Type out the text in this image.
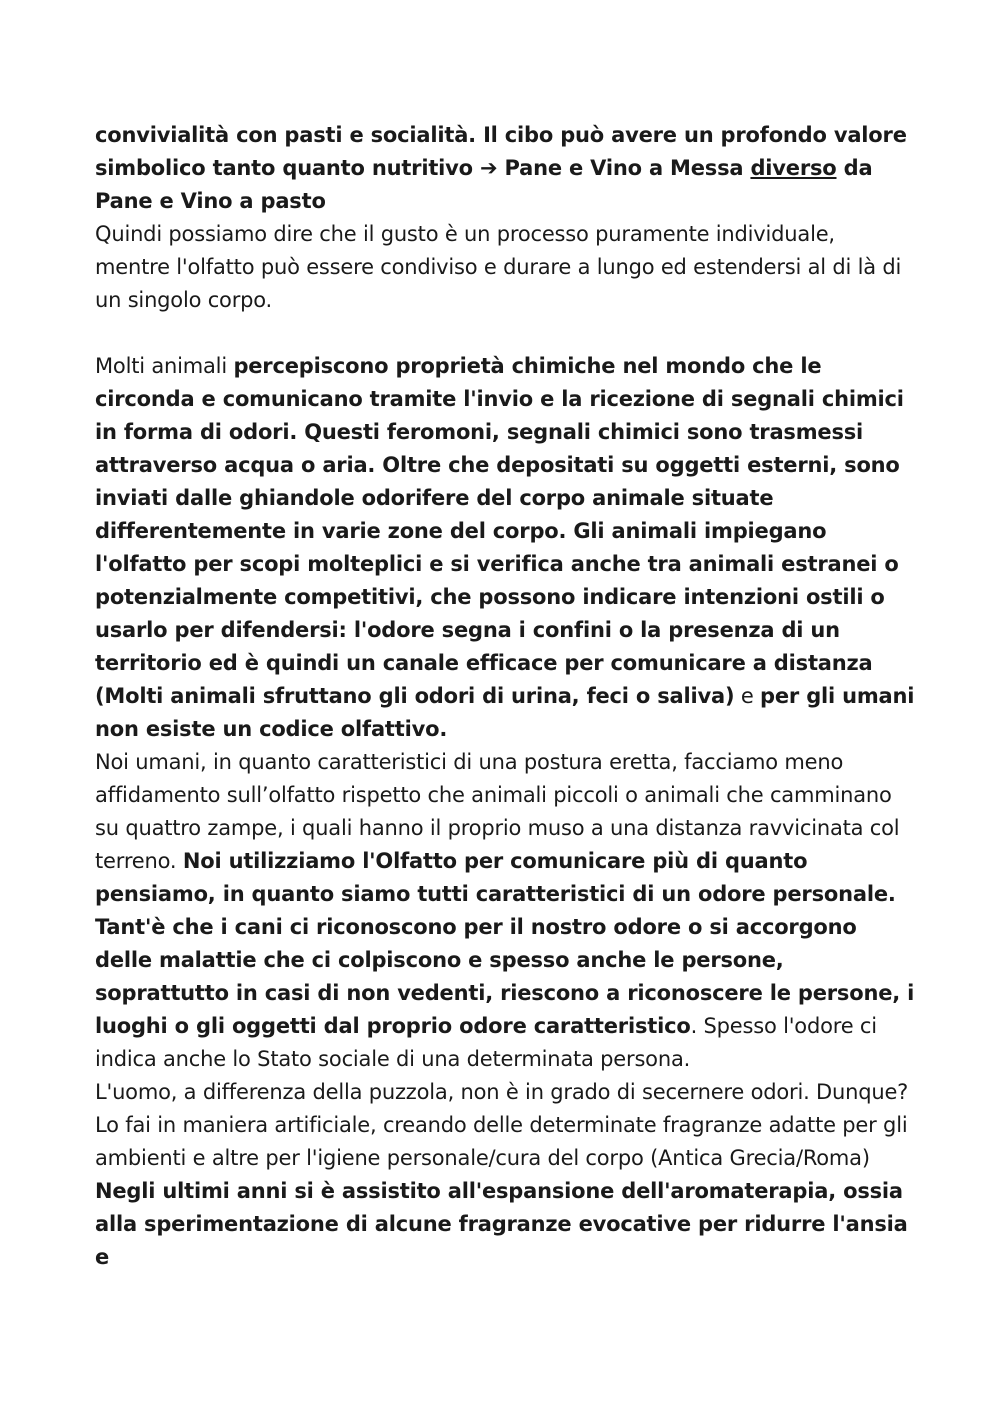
convivialità con pasti e socialità. Il cibo può avere un profondo valore simbolico tanto quanto nutritivo ➔ Pane e Vino a Messa diverso da Pane e Vino a pasto

Quindi possiamo dire che il gusto è un processo puramente individuale, mentre l'olfatto può essere condiviso e durare a lungo ed estendersi al di là di un singolo corpo.

Molti animali percepiscono proprietà chimiche nel mondo che le circonda e comunicano tramite l'invio e la ricezione di segnali chimici in forma di odori. Questi feromoni, segnali chimici sono trasmessi attraverso acqua o aria. Oltre che depositati su oggetti esterni, sono inviati dalle ghiandole odorifere del corpo animale situate differentemente in varie zone del corpo. Gli animali impiegano l'olfatto per scopi molteplici e si verifica anche tra animali estranei o potenzialmente competitivi, che possono indicare intenzioni ostili o usarlo per difendersi: l'odore segna i confini o la presenza di un territorio ed è quindi un canale efficace per comunicare a distanza (Molti animali sfruttano gli odori di urina, feci o saliva) e per gli umani non esiste un codice olfattivo.

Noi umani, in quanto caratteristici di una postura eretta, facciamo meno affidamento sull’olfatto rispetto che animali piccoli o animali che camminano su quattro zampe, i quali hanno il proprio muso a una distanza ravvicinata col terreno. Noi utilizziamo l'Olfatto per comunicare più di quanto pensiamo, in quanto siamo tutti caratteristici di un odore personale. Tant'è che i cani ci riconoscono per il nostro odore o si accorgono delle malattie che ci colpiscono e spesso anche le persone, soprattutto in casi di non vedenti, riescono a riconoscere le persone, i luoghi o gli oggetti dal proprio odore caratteristico. Spesso l'odore ci indica anche lo Stato sociale di una determinata persona.

L'uomo, a differenza della puzzola, non è in grado di secernere odori. Dunque? Lo fai in maniera artificiale, creando delle determinate fragranze adatte per gli ambienti e altre per l'igiene personale/cura del corpo (Antica Grecia/Roma)

Negli ultimi anni si è assistito all'espansione dell'aromaterapia, ossia alla sperimentazione di alcune fragranze evocative per ridurre l'ansia e
